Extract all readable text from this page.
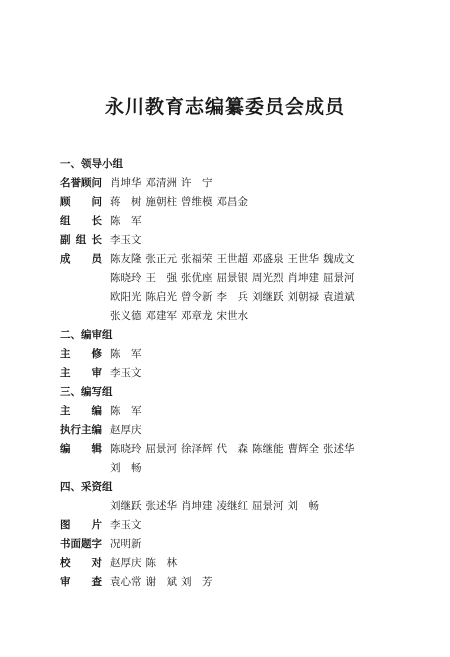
永川教育志编纂委员会成员
一、领导小组
名 誉 顾 问 肖坤华 邓清洲 许　宁
顾 问 蒋　树 施朝柱 曾维模 邓昌金
组 长 陈　军
副 组 长 李玉文
成 员 陈友隆 张正元 张福荣 王世超 邓盛泉 王世华 魏成文
陈晓玲 王　强 张优座 屈景银 周光烈 肖坤建 屈景河
欧阳光 陈启光 曾令新 李　兵 刘继跃 刘朝禄 袁道斌
张义德 邓建军 邓章龙 宋世水
二、编审组
主 修 陈　军
主 审 李玉文
三、编写组
主 编 陈　军
执 行 主 编 赵厚庆
编 辑 陈晓玲 屈景河 徐泽辉 代　森 陈继能 曹辉全 张述华
刘　畅
四、采资组
刘继跃 张述华 肖坤建 凌继红 屈景河 刘　畅
图 片 李玉文
书 面 题 字 况明新
校 对 赵厚庆 陈　林
审 查 袁心常 谢　斌 刘　芳
